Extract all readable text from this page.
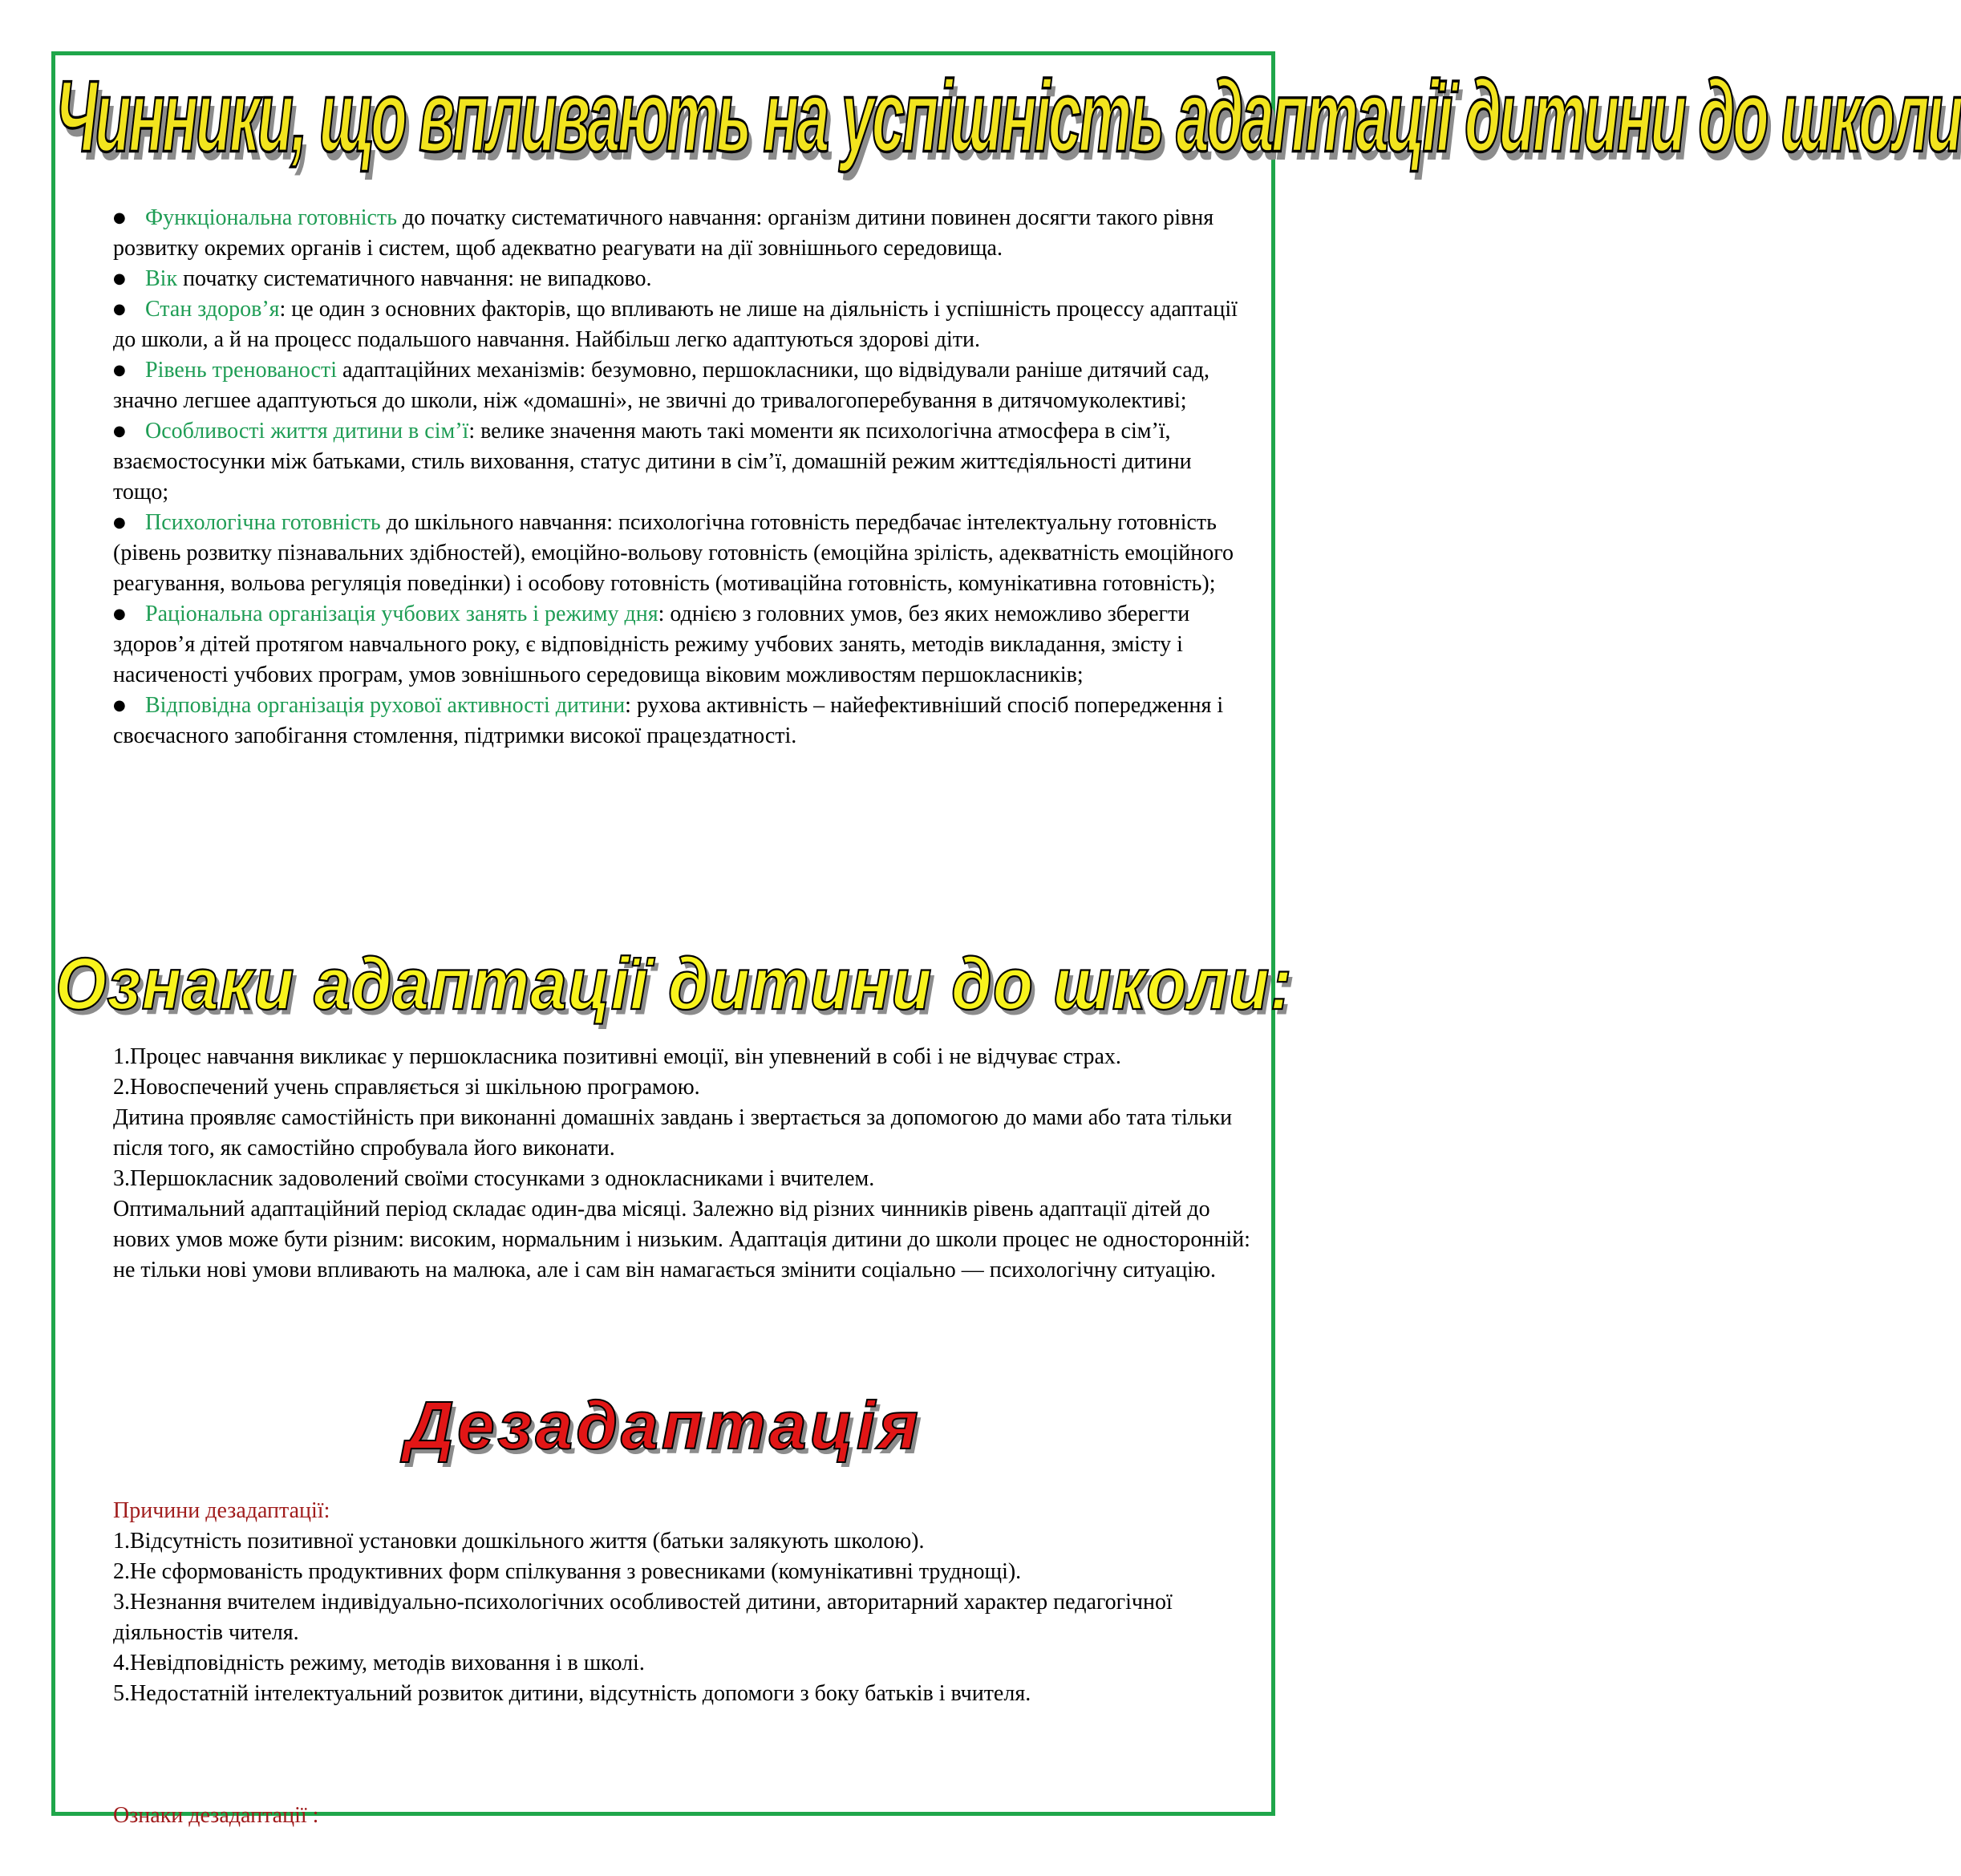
Чинники, що впливають на успішність адаптації дитини до школи

● Функціональна готовність до початку систематичного навчання: організм дитини повинен досягти такого рівня розвитку окремих органів і систем, щоб адекватно реагувати на дії зовнішнього середовища.

● Вік початку систематичного навчання: не випадково.

● Стан здоров’я: це один з основних факторів, що впливають не лише на діяльність і успішність процессу адаптації до школи, а й на процесс подальшого навчання. Найбільш легко адаптуються здорові діти.

● Рівень тренованості адаптаційних механізмів: безумовно, першокласники, що відвідували раніше дитячий сад, значно легшее адаптуються до школи, ніж «домашні», не звичні до тривалогоперебування в дитячомуколективі;

● Особливості життя дитини в сім’ї: велике значення мають такі моменти як психологічна атмосфера в сім’ї, взаємостосунки між батьками, стиль виховання, статус дитини в сім’ї, домашній режим життєдіяльності дитини тощо;

● Психологічна готовність до шкільного навчання: психологічна готовність передбачає інтелектуальну готовність (рівень розвитку пізнавальних здібностей), емоційно-вольову готовність (емоційна зрілість, адекватність емоційного реагування, вольова регуляція поведінки) і особову готовність (мотиваційна готовність, комунікативна готовність);

● Раціональна організація учбових занять і режиму дня: однією з головних умов, без яких неможливо зберегти здоров’я дітей протягом навчального року, є відповідність режиму учбових занять, методів викладання, змісту і насиченості учбових програм, умов зовнішнього середовища віковим можливостям першокласників;

● Відповідна організація рухової активності дитини: рухова активність – найефективніший спосіб попередження і своєчасного запобігання стомлення, підтримки високої працездатності.

Ознаки адаптації дитини до школи:

1.Процес навчання викликає у першокласника позитивні емоції, він упевнений в собі і не відчуває страх.

2.Новоспечений учень справляється зі шкільною програмою.

Дитина проявляє самостійність при виконанні домашніх завдань і звертається за допомогою до мами або тата тільки після того, як самостійно спробувала його виконати.

3.Першокласник задоволений своїми стосунками з однокласниками і вчителем.

Оптимальний адаптаційний період складає один-два місяці. Залежно від різних чинників рівень адаптації дітей до нових умов може бути різним: високим, нормальним і низьким. Адаптація дитини до школи процес не односторонній: не тільки нові умови впливають на малюка, але і сам він намагається змінити соціально — психологічну ситуацію.

Дезадаптація

Причини дезадаптації:

1.Відсутність позитивної установки дошкільного життя (батьки залякують школою).

2.Не сформованість продуктивних форм спілкування з ровесниками (комунікативні труднощі).

3.Незнання вчителем індивідуально-психологічних особливостей дитини, авторитарний характер педагогічної діяльностів чителя.

4.Невідповідність режиму, методів виховання і в школі.

5.Недостатній інтелектуальний розвиток дитини, відсутність допомоги з боку батьків і вчителя.

Ознаки дезадаптації :
